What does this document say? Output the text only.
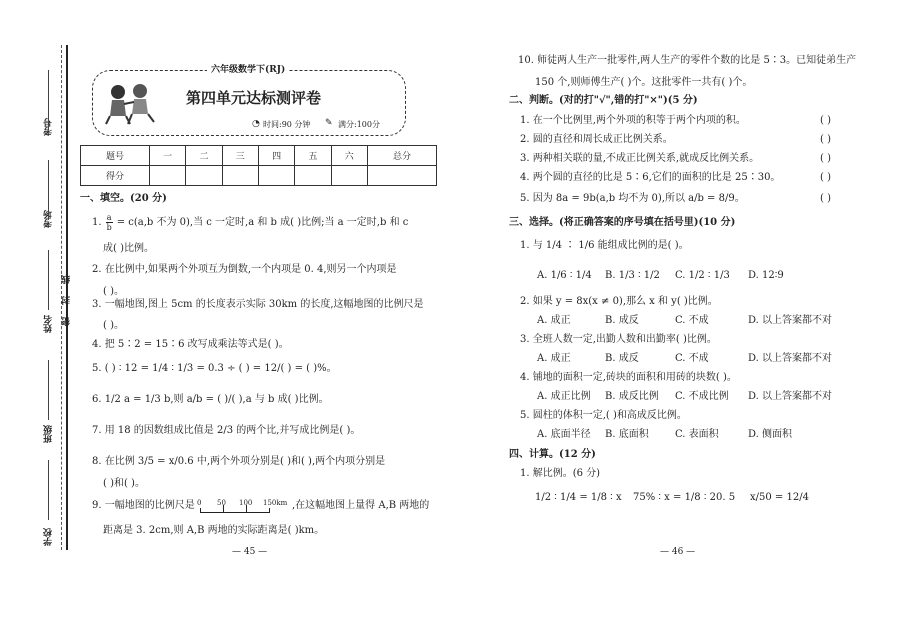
考号
考场
线
封
密
姓名
班级
学校
六年级数学下(RJ)
第四单元达标测评卷
◔ 时间:90 分钟 ✎ 满分:100分
题号	一	二	三	四	五	六	总分
得分							
一、填空。(20 分)
1. $\frac{a}{b} = c(a,b$ 不为 0),当 c 一定时,a 和 b 成( )比例;当 a 一定时,b 和 c
成( )比例。
2. 在比例中,如果两个外项互为倒数,一个内项是 0. 4,则另一个内项是
( )。
3. 一幅地图,图上 5cm 的长度表示实际 30km 的长度,这幅地图的比例尺是
( )。
4. 把 5∶2 = 15∶6 改写成乘法等式是( )。
5. ( ) ∶ 12 = 1/4 ∶ 1/3 = 0.3 ÷ ( ) = 12/( ) = ( )%。
6. 1/2 a = 1/3 b,则 a/b = ( )/( ),a 与 b 成( )比例。
7. 用 18 的因数组成比值是 2/3 的两个比,并写成比例是( )。
8. 在比例 3/5 = x/0.6 中,两个外项分别是( )和( ),两个内项分别是
( )和( )。
9. 一幅地图的比例尺是 0 50 100 150km ,在这幅地图上量得 A,B 两地的
距离是 3. 2cm,则 A,B 两地的实际距离是( )km。
— 45 —
10. 师徒两人生产一批零件,两人生产的零件个数的比是 5∶3。已知徒弟生产
150 个,则师傅生产( )个。这批零件一共有( )个。
二、判断。(对的打"√",错的打"×")(5 分)
1. 在一个比例里,两个外项的积等于两个内项的积。	( )
2. 圆的直径和周长成正比例关系。	( )
3. 两种相关联的量,不成正比例关系,就成反比例关系。	( )
4. 两个圆的直径的比是 5∶6,它们的面积的比是 25∶30。	( )
5. 因为 8a = 9b(a,b 均不为 0),所以 a/b = 8/9。	( )
三、选择。(将正确答案的序号填在括号里)(10 分)
1. 与 1/4 ∶ 1/6 能组成比例的是( )。
A. 1/6 ∶ 1/4 B. 1/3 ∶ 1/2 C. 1/2 ∶ 1/3 D. 12∶9
2. 如果 y = 8x(x ≠ 0),那么 x 和 y( )比例。
A. 成正	B. 成反	C. 不成	D. 以上答案都不对
3. 全班人数一定,出勤人数和出勤率( )比例。
A. 成正	B. 成反	C. 不成	D. 以上答案都不对
4. 铺地的面积一定,砖块的面积和用砖的块数( )。
A. 成正比例 B. 成反比例 C. 不成比例 D. 以上答案都不对
5. 圆柱的体积一定,( )和高成反比例。
A. 底面半径 B. 底面积	C. 表面积	D. 侧面积
四、计算。(12 分)
1. 解比例。(6 分)
1/2 ∶ 1/4 = 1/8 ∶ x 75% ∶ x = 1/8 ∶ 20. 5 x/50 = 12/4
— 46 —
